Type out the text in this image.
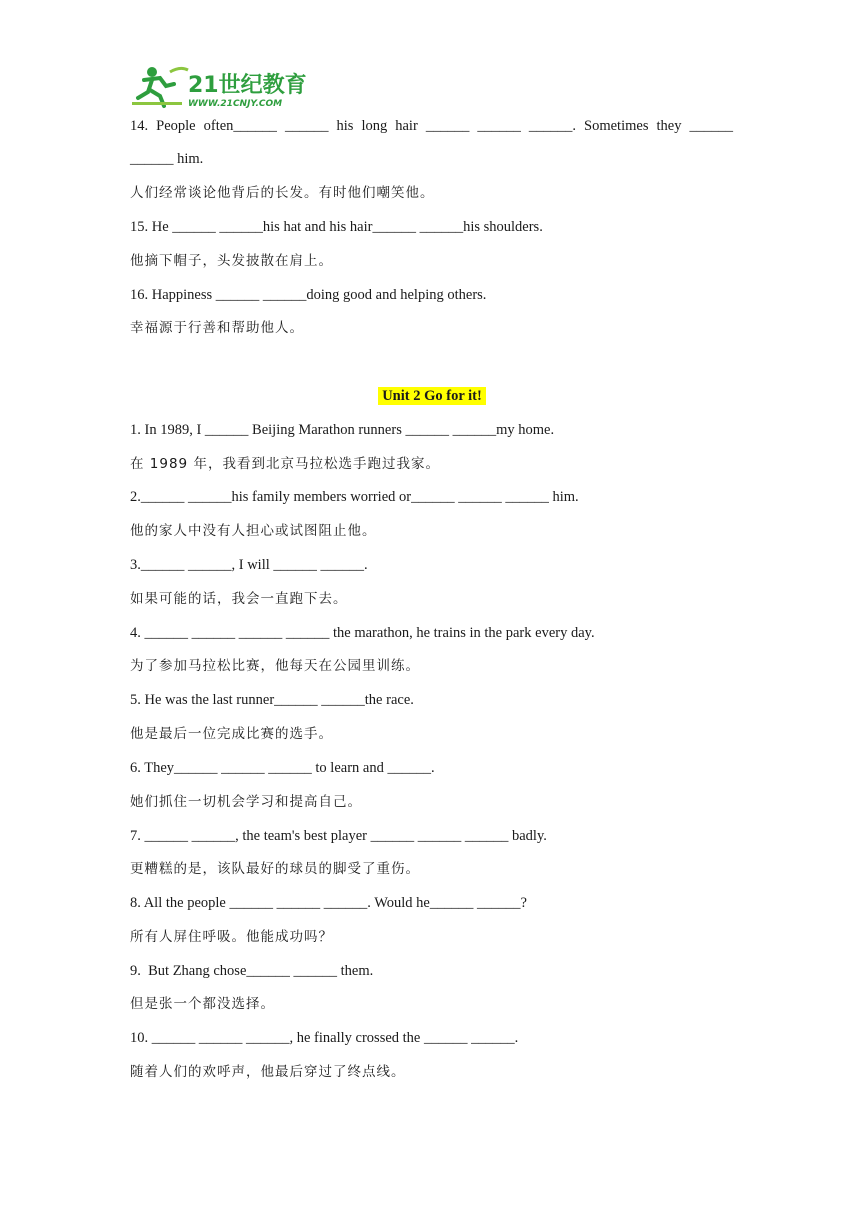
21世纪教育
WWW.21CNJY.COM
14. People often______ ______ his long hair ______ ______ ______. Sometimes they ______
______ him.
人们经常谈论他背后的长发。有时他们嘲笑他。
15. He ______ ______his hat and his hair______ ______his shoulders.
他摘下帽子，头发披散在肩上。
16. Happiness ______ ______doing good and helping others.
幸福源于行善和帮助他人。
Unit 2 Go for it!
1. In 1989, I ______ Beijing Marathon runners ______ ______my home.
在 1989 年，我看到北京马拉松选手跑过我家。
2.______ ______his family members worried or______ ______ ______ him.
他的家人中没有人担心或试图阻止他。
3.______ ______, I will ______ ______.
如果可能的话，我会一直跑下去。
4. ______ ______ ______ ______ the marathon, he trains in the park every day.
为了参加马拉松比赛，他每天在公园里训练。
5. He was the last runner______ ______the race.
他是最后一位完成比赛的选手。
6. They______ ______ ______ to learn and ______.
她们抓住一切机会学习和提高自己。
7. ______ ______, the team's best player ______ ______ ______ badly.
更糟糕的是，该队最好的球员的脚受了重伤。
8. All the people ______ ______ ______. Would he______ ______?
所有人屏住呼吸。他能成功吗？
9.  But Zhang chose______ ______ them.
但是张一个都没选择。
10. ______ ______ ______, he finally crossed the ______ ______.
随着人们的欢呼声，他最后穿过了终点线。
